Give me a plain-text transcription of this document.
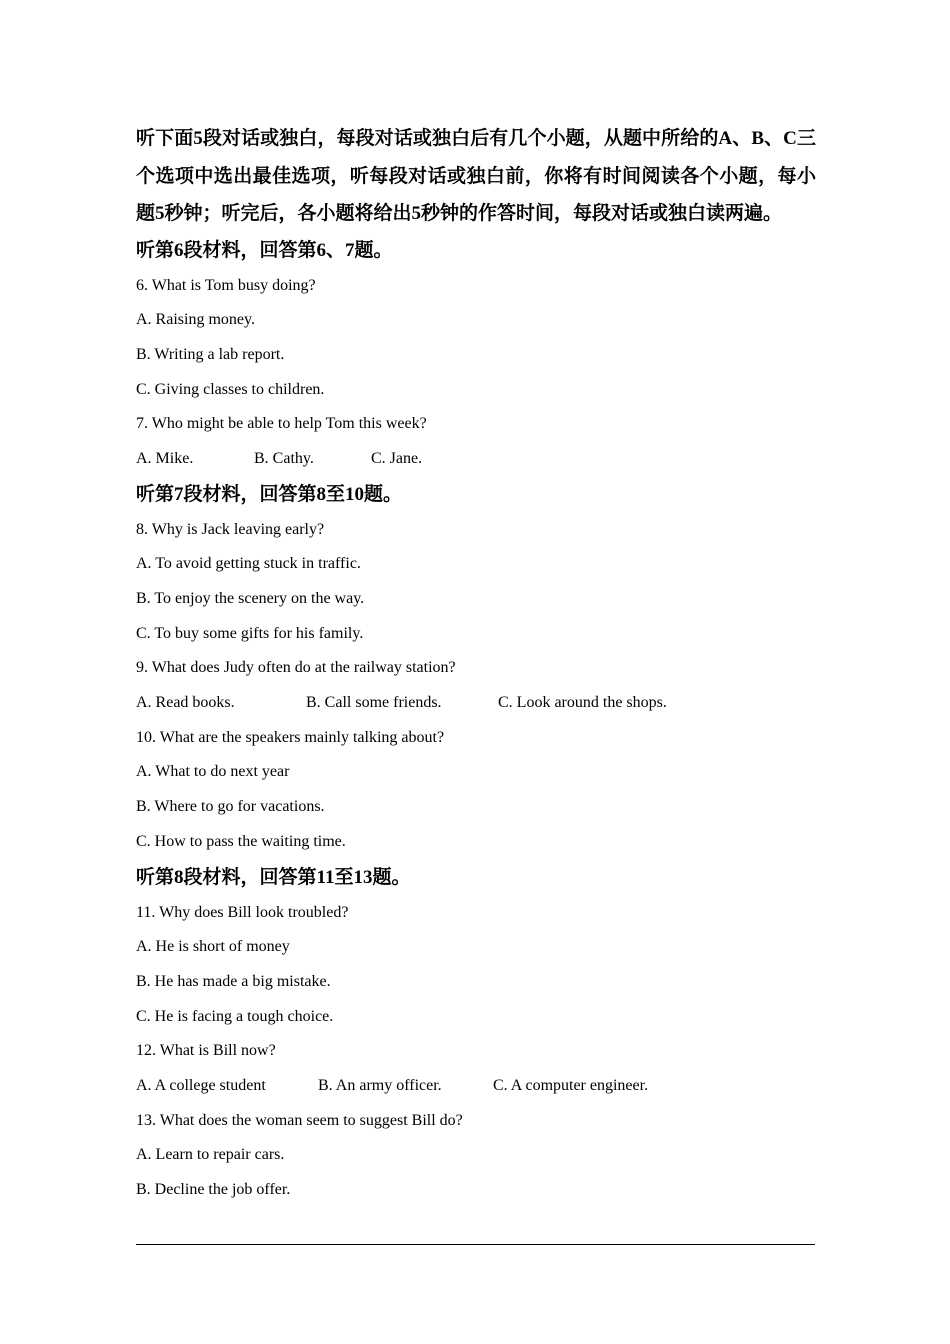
听下面5段对话或独白，每段对话或独白后有几个小题，从题中所给的A、B、C三个选项中选出最佳选项，听每段对话或独白前，你将有时间阅读各个小题，每小题5秒钟；听完后，各小题将给出5秒钟的作答时间，每段对话或独白读两遍。

听第6段材料，回答第6、7题。

6. What is Tom busy doing?

A. Raising money.

B. Writing a lab report.

C. Giving classes to children.

7. Who might be able to help Tom this week?

A. Mike.	B. Cathy.	C. Jane.

听第7段材料，回答第8至10题。

8. Why is Jack leaving early?

A. To avoid getting stuck in traffic.

B. To enjoy the scenery on the way.

C. To buy some gifts for his family.

9. What does Judy often do at the railway station?

A. Read books.	B. Call some friends.	C. Look around the shops.

10. What are the speakers mainly talking about?

A. What to do next year

B. Where to go for vacations.

C. How to pass the waiting time.

听第8段材料，回答第11至13题。

11. Why does Bill look troubled?

A. He is short of money

B. He has made a big mistake.

C. He is facing a tough choice.

12. What is Bill now?

A. A college student	B. An army officer.	C. A computer engineer.

13. What does the woman seem to suggest Bill do?

A. Learn to repair cars.

B. Decline the job offer.
